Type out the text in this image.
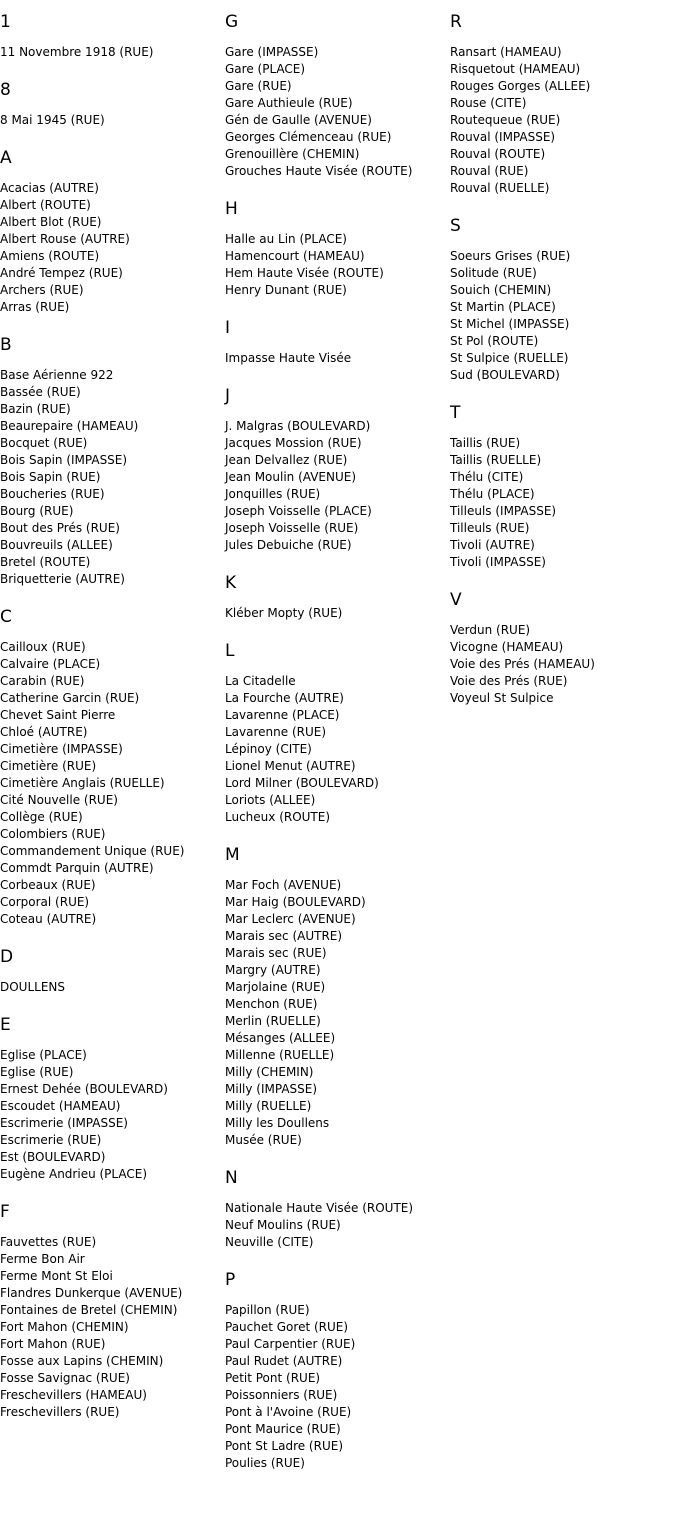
1
11 Novembre 1918 (RUE)
8
8 Mai 1945 (RUE)
A
Acacias (AUTRE)
Albert (ROUTE)
Albert Blot (RUE)
Albert Rouse (AUTRE)
Amiens (ROUTE)
André Tempez (RUE)
Archers (RUE)
Arras (RUE)
B
Base Aérienne 922
Bassée (RUE)
Bazin (RUE)
Beaurepaire (HAMEAU)
Bocquet (RUE)
Bois Sapin (IMPASSE)
Bois Sapin (RUE)
Boucheries (RUE)
Bourg (RUE)
Bout des Prés (RUE)
Bouvreuils (ALLEE)
Bretel (ROUTE)
Briquetterie (AUTRE)
C
Cailloux (RUE)
Calvaire (PLACE)
Carabin (RUE)
Catherine Garcin (RUE)
Chevet Saint Pierre
Chloé (AUTRE)
Cimetière (IMPASSE)
Cimetière (RUE)
Cimetière Anglais (RUELLE)
Cité Nouvelle (RUE)
Collège (RUE)
Colombiers (RUE)
Commandement Unique (RUE)
Commdt Parquin (AUTRE)
Corbeaux (RUE)
Corporal (RUE)
Coteau (AUTRE)
D
DOULLENS
E
Eglise (PLACE)
Eglise (RUE)
Ernest Dehée (BOULEVARD)
Escoudet (HAMEAU)
Escrimerie (IMPASSE)
Escrimerie (RUE)
Est (BOULEVARD)
Eugène Andrieu (PLACE)
F
Fauvettes (RUE)
Ferme Bon Air
Ferme Mont St Eloi
Flandres Dunkerque (AVENUE)
Fontaines de Bretel (CHEMIN)
Fort Mahon (CHEMIN)
Fort Mahon (RUE)
Fosse aux Lapins (CHEMIN)
Fosse Savignac (RUE)
Freschevillers (HAMEAU)
Freschevillers (RUE)
G
Gare (IMPASSE)
Gare (PLACE)
Gare (RUE)
Gare Authieule (RUE)
Gén de Gaulle (AVENUE)
Georges Clémenceau (RUE)
Grenouillère (CHEMIN)
Grouches Haute Visée (ROUTE)
H
Halle au Lin (PLACE)
Hamencourt (HAMEAU)
Hem Haute Visée (ROUTE)
Henry Dunant (RUE)
I
Impasse Haute Visée
J
J. Malgras (BOULEVARD)
Jacques Mossion (RUE)
Jean Delvallez (RUE)
Jean Moulin (AVENUE)
Jonquilles (RUE)
Joseph Voisselle (PLACE)
Joseph Voisselle (RUE)
Jules Debuiche (RUE)
K
Kléber Mopty (RUE)
L
La Citadelle
La Fourche (AUTRE)
Lavarenne (PLACE)
Lavarenne (RUE)
Lépinoy (CITE)
Lionel Menut (AUTRE)
Lord Milner (BOULEVARD)
Loriots (ALLEE)
Lucheux (ROUTE)
M
Mar Foch (AVENUE)
Mar Haig (BOULEVARD)
Mar Leclerc (AVENUE)
Marais sec (AUTRE)
Marais sec (RUE)
Margry (AUTRE)
Marjolaine (RUE)
Menchon (RUE)
Merlin (RUELLE)
Mésanges (ALLEE)
Millenne (RUELLE)
Milly (CHEMIN)
Milly (IMPASSE)
Milly (RUELLE)
Milly les Doullens
Musée (RUE)
N
Nationale Haute Visée (ROUTE)
Neuf Moulins (RUE)
Neuville (CITE)
P
Papillon (RUE)
Pauchet Goret (RUE)
Paul Carpentier (RUE)
Paul Rudet (AUTRE)
Petit Pont (RUE)
Poissonniers (RUE)
Pont à l'Avoine (RUE)
Pont Maurice (RUE)
Pont St Ladre (RUE)
Poulies (RUE)
R
Ransart (HAMEAU)
Risquetout (HAMEAU)
Rouges Gorges (ALLEE)
Rouse (CITE)
Routequeue (RUE)
Rouval (IMPASSE)
Rouval (ROUTE)
Rouval (RUE)
Rouval (RUELLE)
S
Soeurs Grises (RUE)
Solitude (RUE)
Souich (CHEMIN)
St Martin (PLACE)
St Michel (IMPASSE)
St Pol (ROUTE)
St Sulpice (RUELLE)
Sud (BOULEVARD)
T
Taillis (RUE)
Taillis (RUELLE)
Thélu (CITE)
Thélu (PLACE)
Tilleuls (IMPASSE)
Tilleuls (RUE)
Tivoli (AUTRE)
Tivoli (IMPASSE)
V
Verdun (RUE)
Vicogne (HAMEAU)
Voie des Prés (HAMEAU)
Voie des Prés (RUE)
Voyeul St Sulpice
